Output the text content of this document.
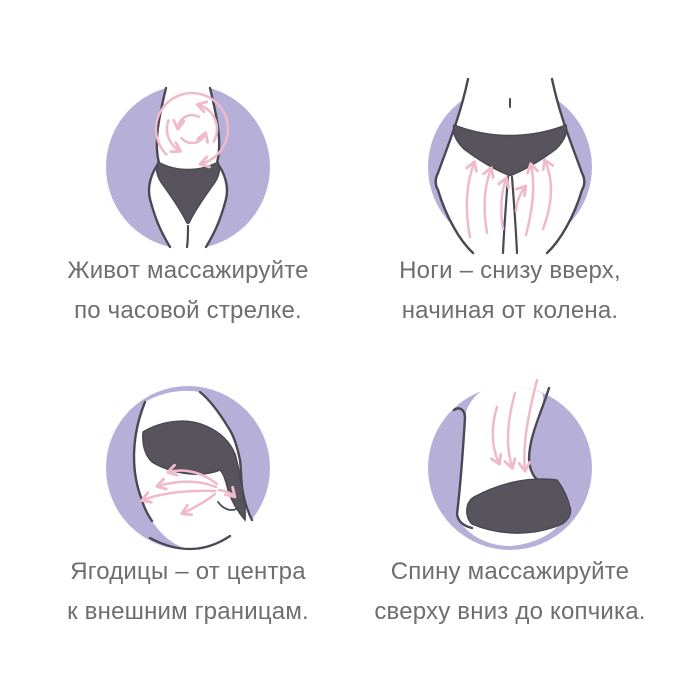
Живот массажируйте
по часовой стрелке.
Ноги – снизу вверх,
начиная от колена.
Ягодицы – от центра
к внешним границам.
Спину массажируйте
сверху вниз до копчика.
